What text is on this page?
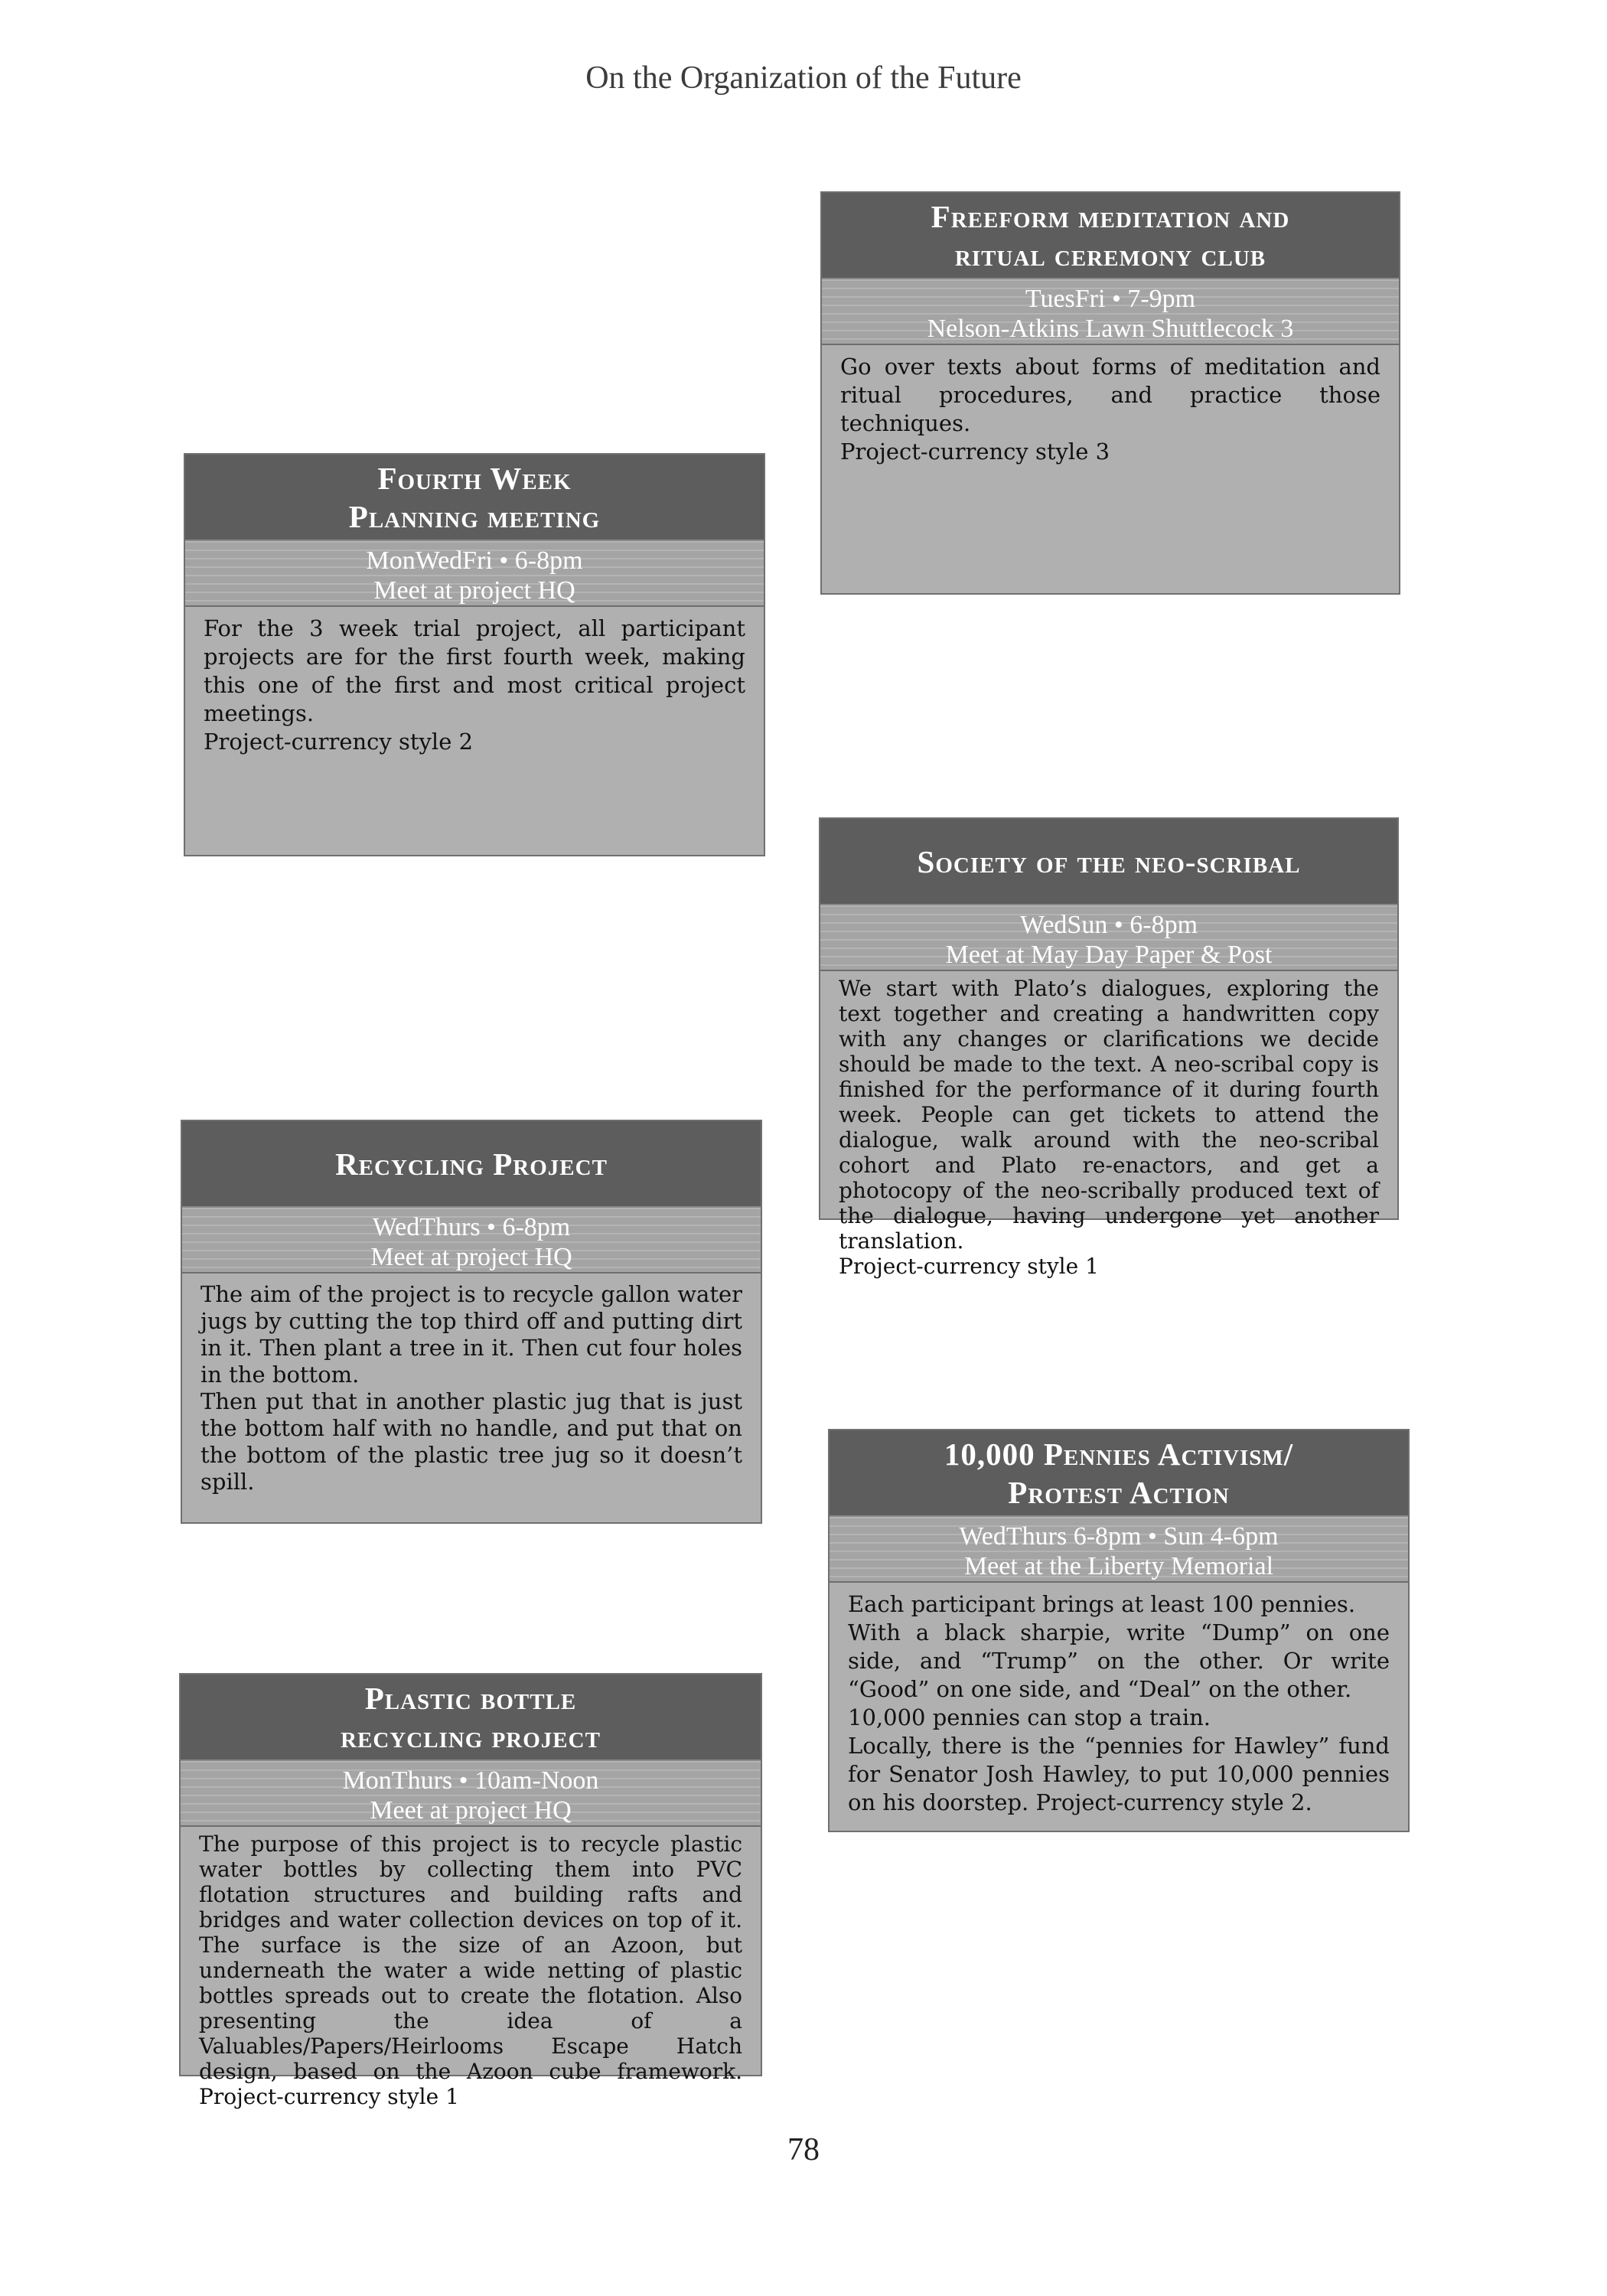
On the Organization of the Future
Freeform meditation and
ritual ceremony club
TuesFri • 7-9pm
Nelson-Atkins Lawn Shuttlecock 3
Go over texts about forms of meditation and ritual procedures, and practice those techniques.
Project-currency style 3
Fourth Week
Planning meeting
MonWedFri • 6-8pm
Meet at project HQ
For the 3 week trial project, all participant projects are for the first fourth week, making this one of the first and most critical project meetings.
Project-currency style 2
Society of the neo-scribal
WedSun • 6-8pm
Meet at May Day Paper & Post
We start with Plato’s dialogues, exploring the text together and creating a handwritten copy with any changes or clarifications we decide should be made to the text. A neo-scribal copy is finished for the performance of it during fourth week. People can get tickets to attend the dialogue, walk around with the neo-scribal cohort and Plato re-enactors, and get a photocopy of the neo-scribally produced text of the dialogue, having undergone yet another translation.
Project-currency style 1
Recycling Project
WedThurs • 6-8pm
Meet at project HQ
The aim of the project is to recycle gallon water jugs by cutting the top third off and putting dirt in it. Then plant a tree in it. Then cut four holes in the bottom.
Then put that in another plastic jug that is just the bottom half with no handle, and put that on the bottom of the plastic tree jug so it doesn’t spill.
10,000 Pennies Activism/
Protest Action
WedThurs 6-8pm • Sun 4-6pm
Meet at the Liberty Memorial
Each participant brings at least 100 pennies.
With a black sharpie, write “Dump” on one side, and “Trump” on the other. Or write “Good” on one side, and “Deal” on the other.
10,000 pennies can stop a train.
Locally, there is the “pennies for Hawley” fund for Senator Josh Hawley, to put 10,000 pennies on his doorstep. Project-currency style 2.
Plastic bottle
recycling project
MonThurs • 10am-Noon
Meet at project HQ
The purpose of this project is to recycle plastic water bottles by collecting them into PVC flotation structures and building rafts and bridges and water collection devices on top of it. The surface is the size of an Azoon, but underneath the water a wide netting of plastic bottles spreads out to create the flotation. Also presenting the idea of a Valuables/Papers/Heirlooms Escape Hatch design, based on the Azoon cube framework. Project-currency style 1
78
